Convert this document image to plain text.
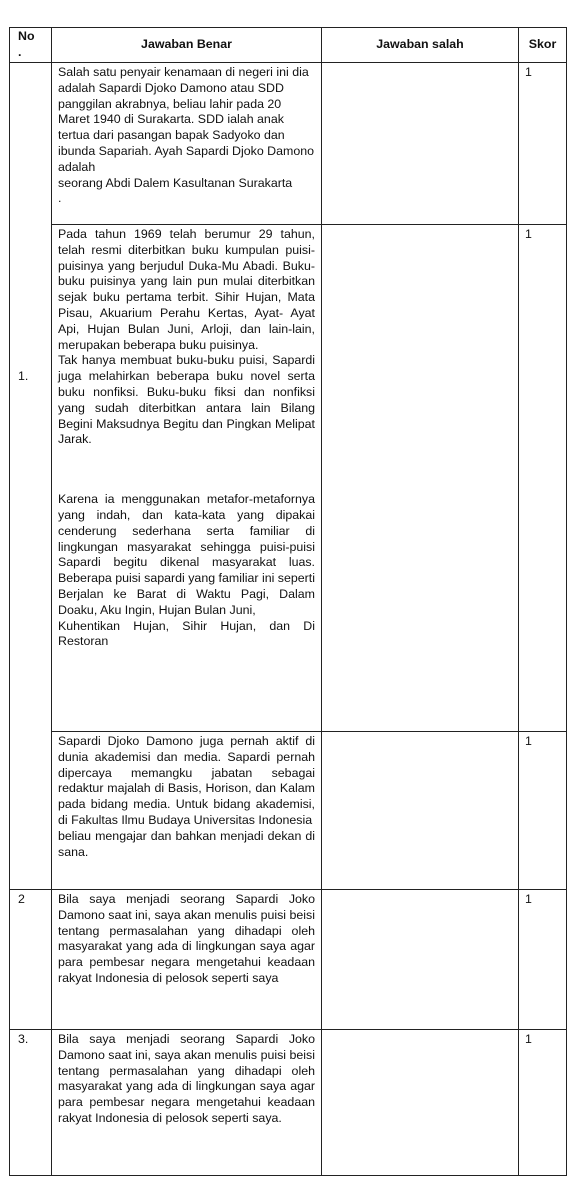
No
.	Jawaban Benar	Jawaban salah	Skor
1.	Salah satu penyair kenamaan di negeri ini dia adalah Sapardi Djoko Damono atau SDD panggilan akrabnya, beliau lahir pada 20 Maret 1940 di Surakarta. SDD ialah anak tertua dari pasangan bapak Sadyoko dan ibunda Sapariah. Ayah Sapardi Djoko Damono adalah
seorang Abdi Dalem Kasultanan Surakarta
.		1

	Pada tahun 1969 telah berumur 29 tahun, telah resmi diterbitkan buku kumpulan puisi-puisinya yang berjudul Duka-Mu Abadi. Buku-buku puisinya yang lain pun mulai diterbitkan sejak buku pertama terbit. Sihir Hujan, Mata Pisau, Akuarium Perahu Kertas, Ayat- Ayat Api, Hujan Bulan Juni, Arloji, dan lain-lain, merupakan beberapa buku puisinya.
Tak hanya membuat buku-buku puisi, Sapardi juga melahirkan beberapa buku novel serta buku nonfiksi. Buku-buku fiksi dan nonfiksi yang sudah diterbitkan antara lain Bilang Begini Maksudnya Begitu dan Pingkan Melipat Jarak.
Karena ia menggunakan metafor-metafornya yang indah, dan kata-kata yang dipakai cenderung sederhana serta familiar di lingkungan masyarakat sehingga puisi-puisi Sapardi begitu dikenal masyarakat luas. Beberapa puisi sapardi yang familiar ini seperti Berjalan ke Barat di Waktu Pagi, Dalam Doaku, Aku Ingin, Hujan Bulan Juni,
Kuhentikan Hujan, Sihir Hujan, dan Di Restoran		1
	Sapardi Djoko Damono juga pernah aktif di dunia akademisi dan media. Sapardi pernah dipercaya memangku jabatan sebagai redaktur majalah di Basis, Horison, dan Kalam pada bidang media. Untuk bidang akademisi, di Fakultas Ilmu Budaya Universitas Indonesia
beliau mengajar dan bahkan menjadi dekan di sana.		1
2	Bila saya menjadi seorang Sapardi Joko Damono saat ini, saya akan menulis puisi beisi tentang permasalahan yang dihadapi oleh masyarakat yang ada di lingkungan saya agar para pembesar negara mengetahui keadaan rakyat Indonesia di pelosok seperti saya		1
3.	Bila saya menjadi seorang Sapardi Joko Damono saat ini, saya akan menulis puisi beisi tentang permasalahan yang dihadapi oleh masyarakat yang ada di lingkungan saya agar para pembesar negara mengetahui keadaan rakyat Indonesia di pelosok seperti saya.		1
